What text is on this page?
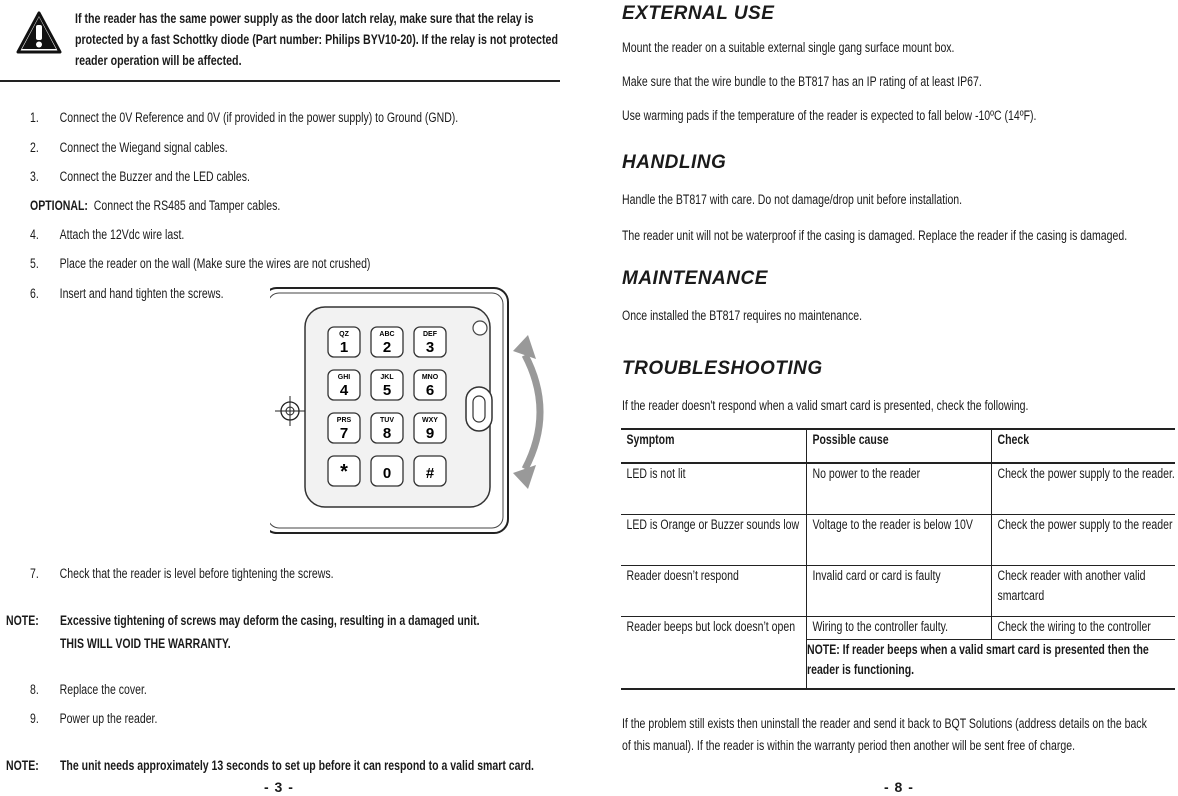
If the reader has the same power supply as the door latch relay, make sure that the relay is protected by a fast Schottky diode (Part number: Philips BYV10-20). If the relay is not protected reader operation will be affected.
1. Connect the 0V Reference and 0V (if provided in the power supply) to Ground (GND).
2. Connect the Wiegand signal cables.
3. Connect the Buzzer and the LED cables.
OPTIONAL: Connect the RS485 and Tamper cables.
4. Attach the 12Vdc wire last.
5. Place the reader on the wall (Make sure the wires are not crushed)
6. Insert and hand tighten the screws.
QZ
1
ABC
2
DEF
3
GHI
4
JKL
5
MNO
6
PRS
7
TUV
8
WXY
9
* 0 #
7. Check that the reader is level before tightening the screws.
NOTE: Excessive tightening of screws may deform the casing, resulting in a damaged unit.
THIS WILL VOID THE WARRANTY.
8. Replace the cover.
9. Power up the reader.
NOTE: The unit needs approximately 13 seconds to set up before it can respond to a valid smart card.
- 3 -
EXTERNAL USE
Mount the reader on a suitable external single gang surface mount box.
Make sure that the wire bundle to the BT817 has an IP rating of at least IP67.
Use warming pads if the temperature of the reader is expected to fall below -10ºC (14ºF).
HANDLING
Handle the BT817 with care. Do not damage/drop unit before installation.
The reader unit will not be waterproof if the casing is damaged. Replace the reader if the casing is damaged.
MAINTENANCE
Once installed the BT817 requires no maintenance.
TROUBLESHOOTING
If the reader doesn't respond when a valid smart card is presented, check the following.
Symptom	Possible cause	Check

LED is not lit	No power to the reader	Check the power supply to the reader.

LED is Orange or Buzzer sounds low	Voltage to the reader is below 10V	Check the power supply to the reader

Reader doesn’t respond	Invalid card or card is faulty	Check reader with another valid smartcard

Reader beeps but lock doesn’t open	Wiring to the controller faulty.	Check the wiring to the controller

	NOTE: If reader beeps when a valid smart card is presented then the reader is functioning.	
If the problem still exists then uninstall the reader and send it back to BQT Solutions (address details on the back
of this manual). If the reader is within the warranty period then another will be sent free of charge.
- 8 -
